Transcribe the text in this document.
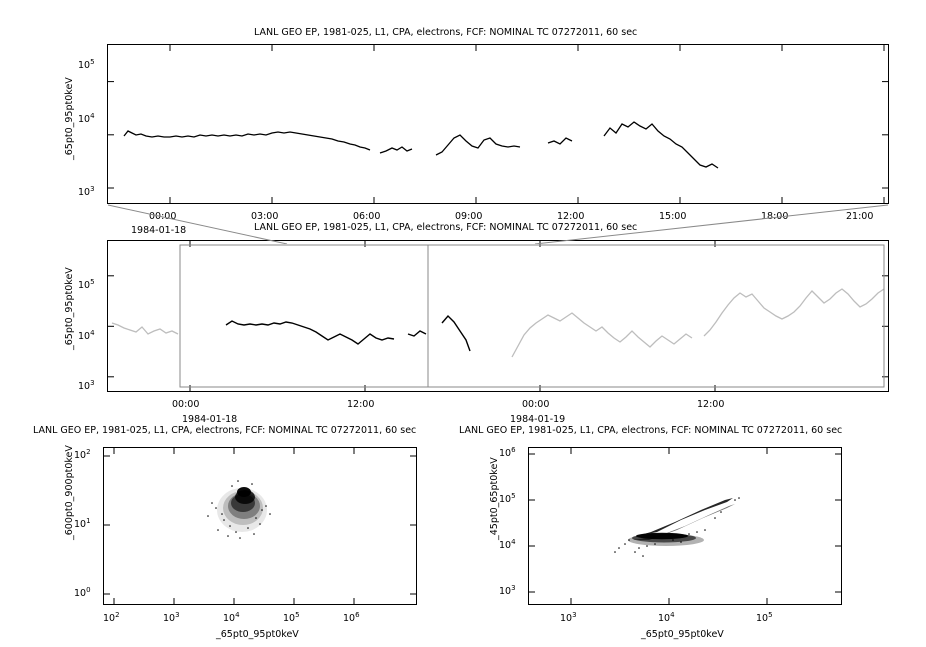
LANL GEO EP, 1981-025, L1, CPA, electrons, FCF: NOMINAL TC 07272011, 60 sec
_65pt0_95pt0keV
$10^5$
$10^4$
$10^3$
00:00	03:00	06:00	09:00	12:00	15:00	18:00	21:00
1984-01-18	LANL GEO EP, 1981-025, L1, CPA, electrons, FCF: NOMINAL TC 07272011, 60 sec
_65pt0_95pt0keV $10^5$
$10^4$
$10^3$
00:00	12:00	00:00	12:00
1984-01-18	1984-01-19
LANL GEO EP, 1981-025, L1, CPA, electrons, FCF: NOMINAL TC 07272011, 60 sec
_600pt0_900pt0keV $10^2$
$10^1$
$10^0$
$10^2$	$10^3$	$10^4$	$10^5$	$10^6$
_65pt0_95pt0keV
LANL GEO EP, 1981-025, L1, CPA, electrons, FCF: NOMINAL TC 07272011, 60 sec
_45pt0_65pt0keV
$10^6$
$10^5$
$10^4$
$10^3$
$10^3$	$10^4$	$10^5$
_65pt0_95pt0keV
